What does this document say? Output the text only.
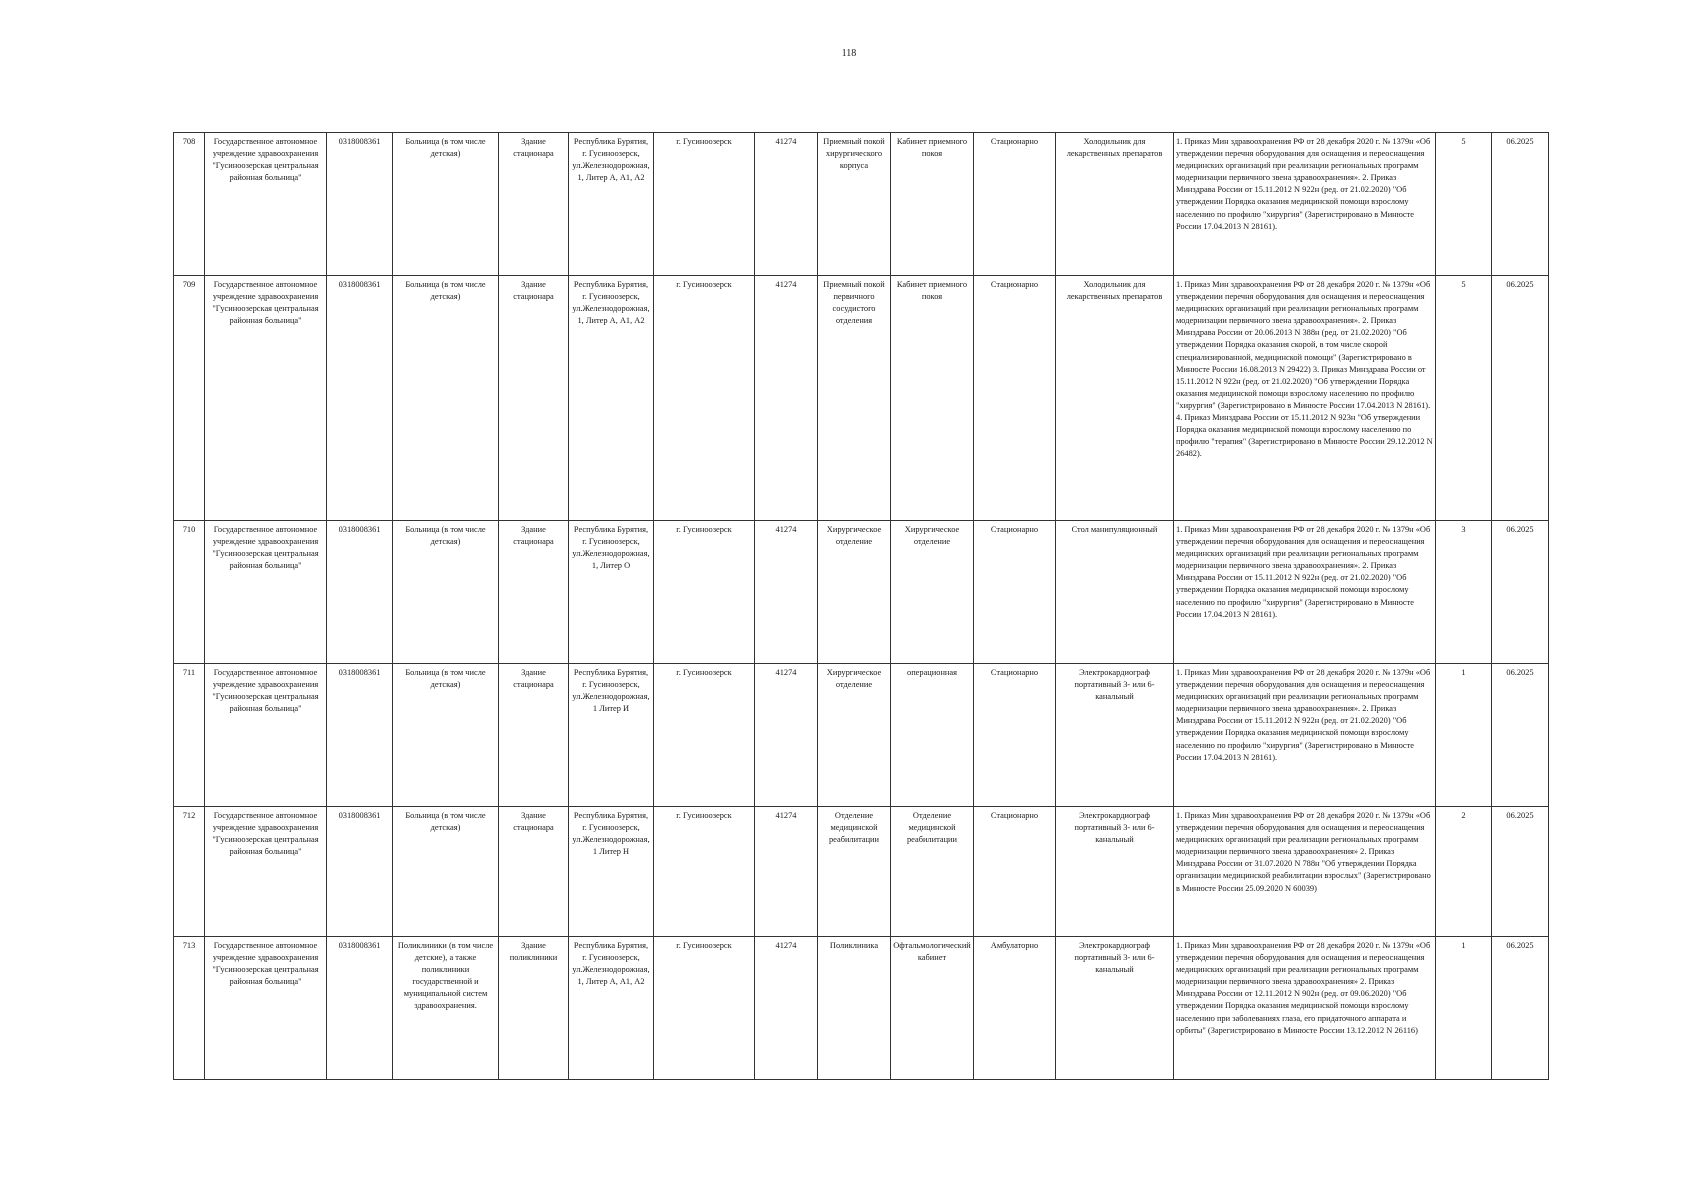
118
708	Государственное автономное учреждение здравоохранения "Гусиноозерская центральная районная больница"	0318008361	Больница (в том числе детская)	Здание стационара	Республика Бурятия, г. Гусиноозерск, ул.Железнодорожная, 1, Литер А, А1, А2	г. Гусиноозерск	41274	Приемный покой хирургического корпуса	Кабинет приемного покоя	Стационарно	Холодильник для лекарственных препаратов	1. Приказ Мин здравоохранения РФ от 28 декабря 2020 г. № 1379н «Об утверждении перечня оборудования для оснащения и переоснащения медицинских организаций при реализации региональных программ модернизации первичного звена здравоохранения». 2. Приказ Минздрава России от 15.11.2012 N 922н (ред. от 21.02.2020) "Об утверждении Порядка оказания медицинской помощи взрослому населению по профилю "хирургия" (Зарегистрировано в Минюсте России 17.04.2013 N 28161).	5	06.2025
709	Государственное автономное учреждение здравоохранения "Гусиноозерская центральная районная больница"	0318008361	Больница (в том числе детская)	Здание стационара	Республика Бурятия, г. Гусиноозерск, ул.Железнодорожная, 1, Литер А, А1, А2	г. Гусиноозерск	41274	Приемный покой первичного сосудистого отделения	Кабинет приемного покоя	Стационарно	Холодильник для лекарственных препаратов	1. Приказ Мин здравоохранения РФ от 28 декабря 2020 г. № 1379н «Об утверждении перечня оборудования для оснащения и переоснащения медицинских организаций при реализации региональных программ модернизации первичного звена здравоохранения». 2. Приказ Минздрава России от 20.06.2013 N 388н (ред. от 21.02.2020) "Об утверждении Порядка оказания скорой, в том числе скорой специализированной, медицинской помощи" (Зарегистрировано в Минюсте России 16.08.2013 N 29422) 3. Приказ Минздрава России от 15.11.2012 N 922н (ред. от 21.02.2020) "Об утверждении Порядка оказания медицинской помощи взрослому населению по профилю "хирургия" (Зарегистрировано в Минюсте России 17.04.2013 N 28161). 4. Приказ Минздрава России от 15.11.2012 N 923н "Об утверждении Порядка оказания медицинской помощи взрослому населению по профилю "терапия" (Зарегистрировано в Минюсте России 29.12.2012 N 26482).	5	06.2025
710	Государственное автономное учреждение здравоохранения "Гусиноозерская центральная районная больница"	0318008361	Больница (в том числе детская)	Здание стационара	Республика Бурятия, г. Гусиноозерск, ул.Железнодорожная, 1, Литер О	г. Гусиноозерск	41274	Хирургическое отделение	Хирургическое отделение	Стационарно	Стол манипуляционный	1. Приказ Мин здравоохранения РФ от 28 декабря 2020 г. № 1379н «Об утверждении перечня оборудования для оснащения и переоснащения медицинских организаций при реализации региональных программ модернизации первичного звена здравоохранения». 2. Приказ Минздрава России от 15.11.2012 N 922н (ред. от 21.02.2020) "Об утверждении Порядка оказания медицинской помощи взрослому населению по профилю "хирургия" (Зарегистрировано в Минюсте России 17.04.2013 N 28161).	3	06.2025
711	Государственное автономное учреждение здравоохранения "Гусиноозерская центральная районная больница"	0318008361	Больница (в том числе детская)	Здание стационара	Республика Бурятия, г. Гусиноозерск, ул.Железнодорожная, 1 Литер И	г. Гусиноозерск	41274	Хирургическое отделение	операционная	Стационарно	Электрокардиограф портативный 3- или 6-канальный	1. Приказ Мин здравоохранения РФ от 28 декабря 2020 г. № 1379н «Об утверждении перечня оборудования для оснащения и переоснащения медицинских организаций при реализации региональных программ модернизации первичного звена здравоохранения». 2. Приказ Минздрава России от 15.11.2012 N 922н (ред. от 21.02.2020) "Об утверждении Порядка оказания медицинской помощи взрослому населению по профилю "хирургия" (Зарегистрировано в Минюсте России 17.04.2013 N 28161).	1	06.2025
712	Государственное автономное учреждение здравоохранения "Гусиноозерская центральная районная больница"	0318008361	Больница (в том числе детская)	Здание стационара	Республика Бурятия, г. Гусиноозерск, ул.Железнодорожная, 1 Литер Н	г. Гусиноозерск	41274	Отделение медицинской реабилитации	Отделение медицинской реабилитации	Стационарно	Электрокардиограф портативный 3- или 6-канальный	1. Приказ Мин здравоохранения РФ от 28 декабря 2020 г. № 1379н «Об утверждении перечня оборудования для оснащения и переоснащения медицинских организаций при реализации региональных программ модернизации первичного звена здравоохранения» 2. Приказ Минздрава России от 31.07.2020 N 788н "Об утверждении Порядка организации медицинской реабилитации взрослых" (Зарегистрировано в Минюсте России 25.09.2020 N 60039)	2	06.2025
713	Государственное автономное учреждение здравоохранения "Гусиноозерская центральная районная больница"	0318008361	Поликлиники (в том числе детские), а также поликлиники государственной и муниципальной систем здравоохранения.	Здание поликлиники	Республика Бурятия, г. Гусиноозерск, ул.Железнодорожная, 1, Литер А, А1, А2	г. Гусиноозерск	41274	Поликлиника	Офтальмологический кабинет	Амбулаторно	Электрокардиограф портативный 3- или 6-канальный	1. Приказ Мин здравоохранения РФ от 28 декабря 2020 г. № 1379н «Об утверждении перечня оборудования для оснащения и переоснащения медицинских организаций при реализации региональных программ модернизации первичного звена здравоохранения» 2. Приказ Минздрава России от 12.11.2012 N 902н (ред. от 09.06.2020) "Об утверждении Порядка оказания медицинской помощи взрослому населению при заболеваниях глаза, его придаточного аппарата и орбиты" (Зарегистрировано в Минюсте России 13.12.2012 N 26116)	1	06.2025
